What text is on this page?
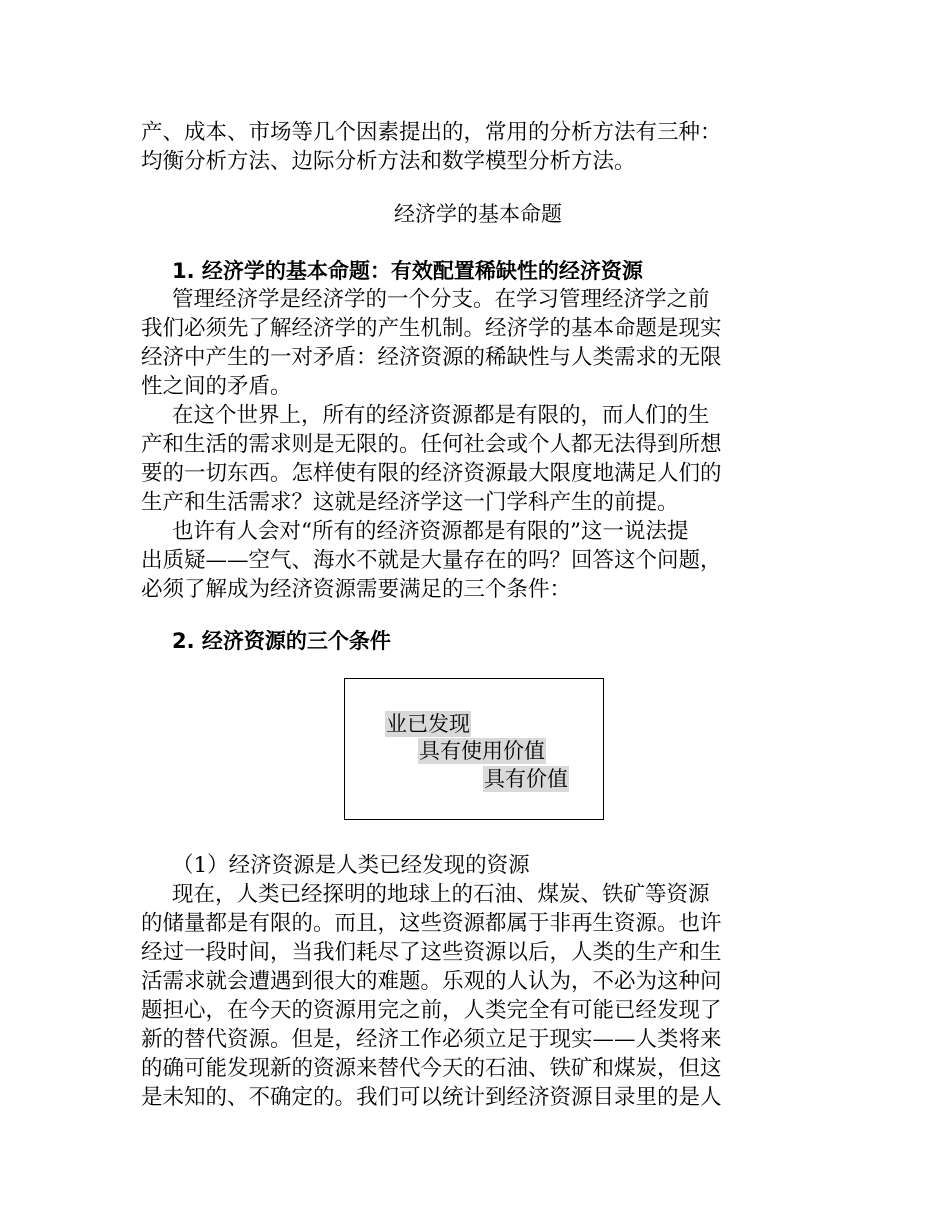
产、成本、市场等几个因素提出的，常用的分析方法有三种：
均衡分析方法、边际分析方法和数学模型分析方法。
经济学的基本命题
1. 经济学的基本命题：有效配置稀缺性的经济资源
管理经济学是经济学的一个分支。在学习管理经济学之前
我们必须先了解经济学的产生机制。经济学的基本命题是现实
经济中产生的一对矛盾：经济资源的稀缺性与人类需求的无限
性之间的矛盾。
在这个世界上，所有的经济资源都是有限的，而人们的生
产和生活的需求则是无限的。任何社会或个人都无法得到所想
要的一切东西。怎样使有限的经济资源最大限度地满足人们的
生产和生活需求？这就是经济学这一门学科产生的前提。
也许有人会对“所有的经济资源都是有限的”这一说法提
出质疑——空气、海水不就是大量存在的吗？回答这个问题，
必须了解成为经济资源需要满足的三个条件：
2. 经济资源的三个条件
业已发现
具有使用价值
具有价值
（1）经济资源是人类已经发现的资源
现在，人类已经探明的地球上的石油、煤炭、铁矿等资源
的储量都是有限的。而且，这些资源都属于非再生资源。也许
经过一段时间，当我们耗尽了这些资源以后，人类的生产和生
活需求就会遭遇到很大的难题。乐观的人认为，不必为这种问
题担心，在今天的资源用完之前，人类完全有可能已经发现了
新的替代资源。但是，经济工作必须立足于现实——人类将来
的确可能发现新的资源来替代今天的石油、铁矿和煤炭，但这
是未知的、不确定的。我们可以统计到经济资源目录里的是人
